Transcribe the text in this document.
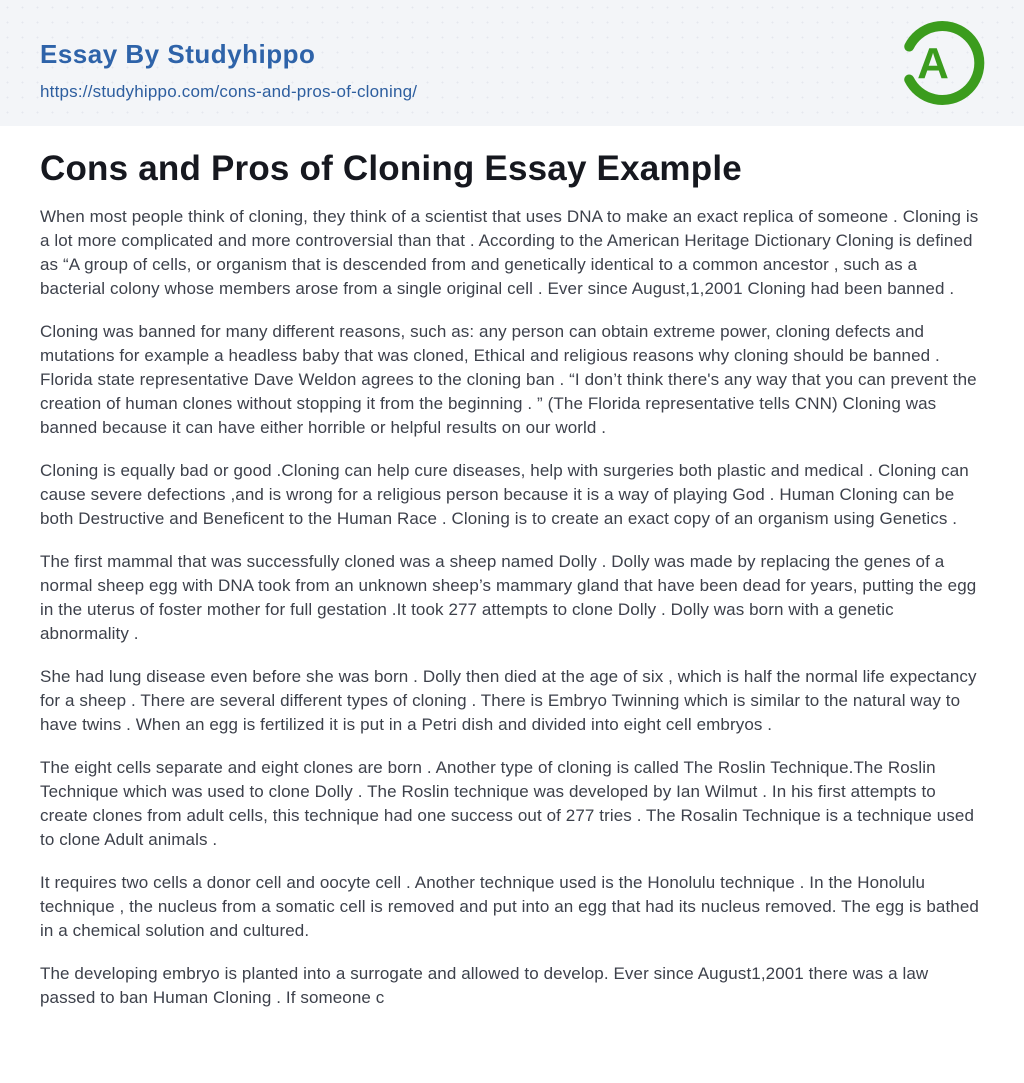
Essay By Studyhippo
https://studyhippo.com/cons-and-pros-of-cloning/
A
Cons and Pros of Cloning Essay Example

When most people think of cloning, they think of a scientist that uses DNA to make an exact replica of someone . Cloning is a lot more complicated and more controversial than that . According to the American Heritage Dictionary Cloning is defined as “A group of cells, or organism that is descended from and genetically identical to a common ancestor , such as a bacterial colony whose members arose from a single original cell . Ever since August,1,2001 Cloning had been banned .

Cloning was banned for many different reasons, such as: any person can obtain extreme power, cloning defects and mutations for example a headless baby that was cloned, Ethical and religious reasons why cloning should be banned . Florida state representative Dave Weldon agrees to the cloning ban . “I don’t think there's any way that you can prevent the creation of human clones without stopping it from the beginning . ” (The Florida representative tells CNN) Cloning was banned because it can have either horrible or helpful results on our world .

Cloning is equally bad or good .Cloning can help cure diseases, help with surgeries both plastic and medical . Cloning can cause severe defections ,and is wrong for a religious person because it is a way of playing God . Human Cloning can be both Destructive and Beneficent to the Human Race . Cloning is to create an exact copy of an organism using Genetics .

The first mammal that was successfully cloned was a sheep named Dolly . Dolly was made by replacing the genes of a normal sheep egg with DNA took from an unknown sheep’s mammary gland that have been dead for years, putting the egg in the uterus of foster mother for full gestation .It took 277 attempts to clone Dolly . Dolly was born with a genetic abnormality .

She had lung disease even before she was born . Dolly then died at the age of six , which is half the normal life expectancy for a sheep . There are several different types of cloning . There is Embryo Twinning which is similar to the natural way to have twins . When an egg is fertilized it is put in a Petri dish and divided into eight cell embryos .

The eight cells separate and eight clones are born . Another type of cloning is called The Roslin Technique.The Roslin Technique which was used to clone Dolly . The Roslin technique was developed by Ian Wilmut . In his first attempts to create clones from adult cells, this technique had one success out of 277 tries . The Rosalin Technique is a technique used to clone Adult animals .

It requires two cells a donor cell and oocyte cell . Another technique used is the Honolulu technique . In the Honolulu technique , the nucleus from a somatic cell is removed and put into an egg that had its nucleus removed. The egg is bathed in a chemical solution and cultured.

The developing embryo is planted into a surrogate and allowed to develop. Ever since August1,2001 there was a law passed to ban Human Cloning . If someone c
